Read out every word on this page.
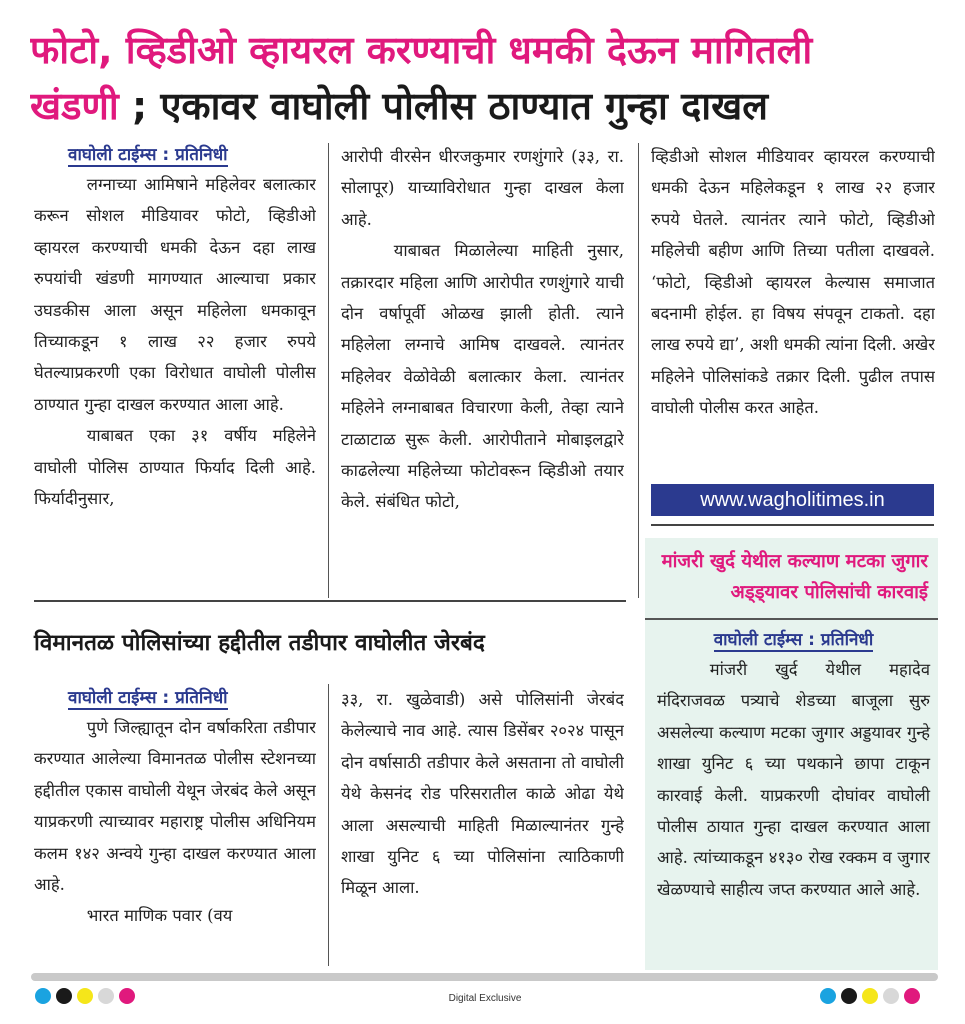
फोटो, व्हिडीओ व्हायरल करण्याची धमकी देऊन मागितली
खंडणी ; एकावर वाघोली पोलीस ठाण्यात गुन्हा दाखल
वाघोली टाईम्स : प्रतिनिधी

लग्नाच्या आमिषाने महिलेवर बलात्कार करून सोशल मीडियावर फोटो, व्हिडीओ व्हायरल करण्याची धमकी देऊन दहा लाख रुपयांची खंडणी मागण्यात आल्याचा प्रकार उघडकीस आला असून महिलेला धमकावून तिच्याकडून १ लाख २२ हजार रुपये घेतल्याप्रकरणी एका विरोधात वाघोली पोलीस ठाण्यात गुन्हा दाखल करण्यात आला आहे.

याबाबत एका ३१ वर्षीय महिलेने वाघोली पोलिस ठाण्यात फिर्याद दिली आहे. फिर्यादीनुसार,

आरोपी वीरसेन धीरजकुमार रणशुंगारे (३३, रा. सोलापूर) याच्याविरोधात गुन्हा दाखल केला आहे.

याबाबत मिळालेल्या माहिती नुसार, तक्रारदार महिला आणि आरोपीत रणशुंगारे याची दोन वर्षापूर्वी ओळख झाली होती. त्याने महिलेला लग्नाचे आमिष दाखवले. त्यानंतर महिलेवर वेळोवेळी बलात्कार केला. त्यानंतर महिलेने लग्नाबाबत विचारणा केली, तेव्हा त्याने टाळाटाळ सुरू केली. आरोपीताने मोबाइलद्वारे काढलेल्या महिलेच्या फोटोवरून व्हिडीओ तयार केले. संबंधित फोटो,

व्हिडीओ सोशल मीडियावर व्हायरल करण्याची धमकी देऊन महिलेकडून १ लाख २२ हजार रुपये घेतले. त्यानंतर त्याने फोटो, व्हिडीओ महिलेची बहीण आणि तिच्या पतीला दाखवले. ‘फोटो, व्हिडीओ व्हायरल केल्यास समाजात बदनामी होईल. हा विषय संपवून टाकतो. दहा लाख रुपये द्या’, अशी धमकी त्यांना दिली. अखेर महिलेने पोलिसांकडे तक्रार दिली. पुढील तपास वाघोली पोलीस करत आहेत.

www.wagholitimes.in
विमानतळ पोलिसांच्या हद्दीतील तडीपार वाघोलीत जेरबंद
वाघोली टाईम्स : प्रतिनिधी

पुणे जिल्ह्यातून दोन वर्षाकरिता तडीपार करण्यात आलेल्या विमानतळ पोलीस स्टेशनच्या हद्दीतील एकास वाघोली येथून जेरबंद केले असून याप्रकरणी त्याच्यावर महाराष्ट्र पोलीस अधिनियम कलम १४२ अन्वये गुन्हा दाखल करण्यात आला आहे.

भारत माणिक पवार (वय

३३, रा. खुळेवाडी) असे पोलिसांनी जेरबंद केलेल्याचे नाव आहे. त्यास डिसेंबर २०२४ पासून दोन वर्षासाठी तडीपार केले असताना तो वाघोली येथे केसनंद रोड परिसरातील काळे ओढा येथे आला असल्याची माहिती मिळाल्यानंतर गुन्हे शाखा युनिट ६ च्या पोलिसांना त्याठिकाणी मिळून आला.

मांजरी खुर्द येथील कल्याण मटका जुगार अड्ड्यावर पोलिसांची कारवाई
वाघोली टाईम्स : प्रतिनिधी

मांजरी खुर्द येथील महादेव मंदिराजवळ पत्र्याचे शेडच्या बाजूला सुरु असलेल्या कल्याण मटका जुगार अड्डयावर गुन्हे शाखा युनिट ६ च्या पथकाने छापा टाकून कारवाई केली. याप्रकरणी दोघांवर वाघोली पोलीस ठायात गुन्हा दाखल करण्यात आला आहे. त्यांच्याकडून ४१३० रोख रक्कम व जुगार खेळण्याचे साहीत्य जप्त करण्यात आले आहे.

Digital Exclusive
